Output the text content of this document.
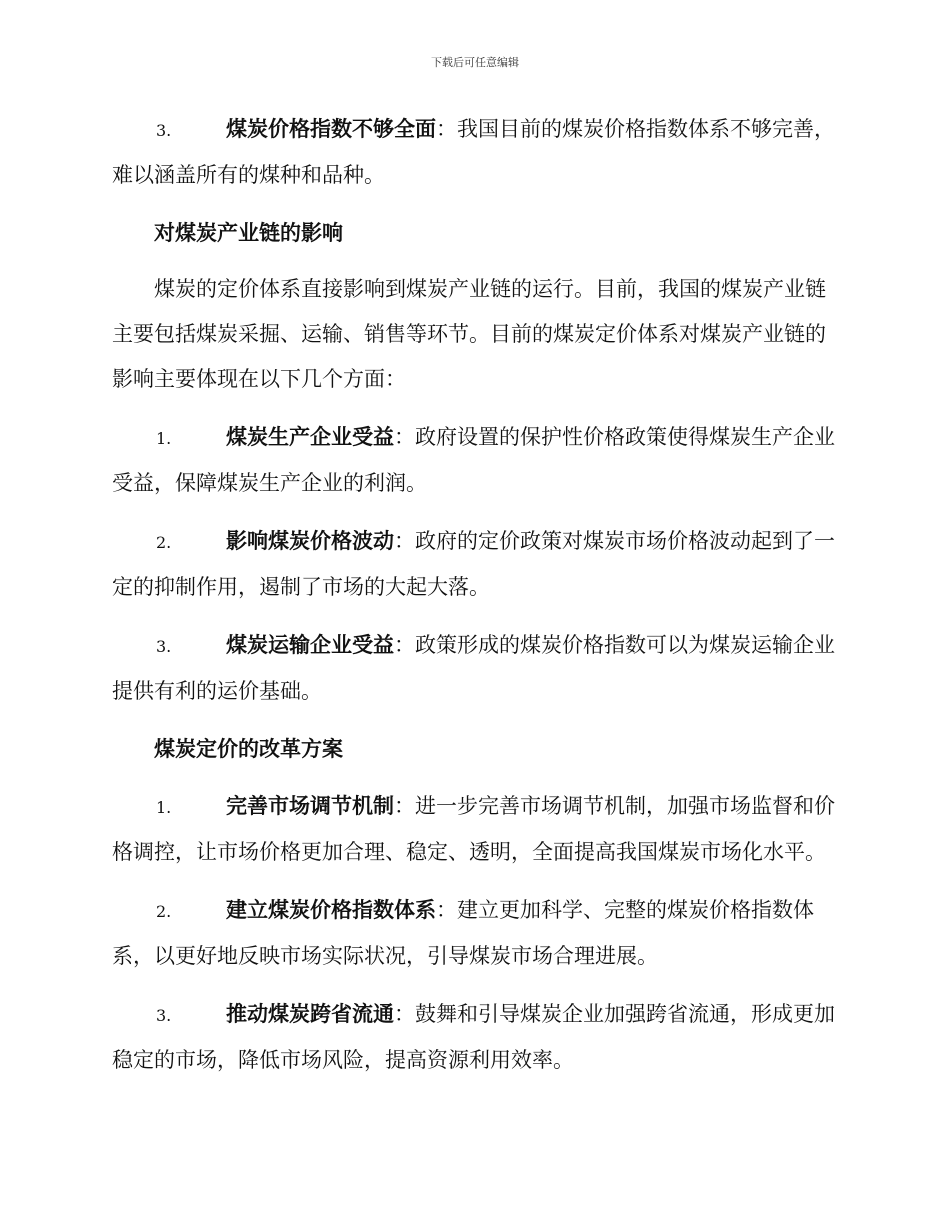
下载后可任意编辑
3.	煤炭价格指数不够全面：我国目前的煤炭价格指数体系不够完善，难以涵盖所有的煤种和品种。
对煤炭产业链的影响
煤炭的定价体系直接影响到煤炭产业链的运行。目前，我国的煤炭产业链主要包括煤炭采掘、运输、销售等环节。目前的煤炭定价体系对煤炭产业链的影响主要体现在以下几个方面：
1.	煤炭生产企业受益：政府设置的保护性价格政策使得煤炭生产企业受益，保障煤炭生产企业的利润。
2.	影响煤炭价格波动：政府的定价政策对煤炭市场价格波动起到了一定的抑制作用，遏制了市场的大起大落。
3.	煤炭运输企业受益：政策形成的煤炭价格指数可以为煤炭运输企业提供有利的运价基础。
煤炭定价的改革方案
1.	完善市场调节机制：进一步完善市场调节机制，加强市场监督和价格调控，让市场价格更加合理、稳定、透明，全面提高我国煤炭市场化水平。
2.	建立煤炭价格指数体系：建立更加科学、完整的煤炭价格指数体系，以更好地反映市场实际状况，引导煤炭市场合理进展。
3.	推动煤炭跨省流通：鼓舞和引导煤炭企业加强跨省流通，形成更加稳定的市场，降低市场风险，提高资源利用效率。
